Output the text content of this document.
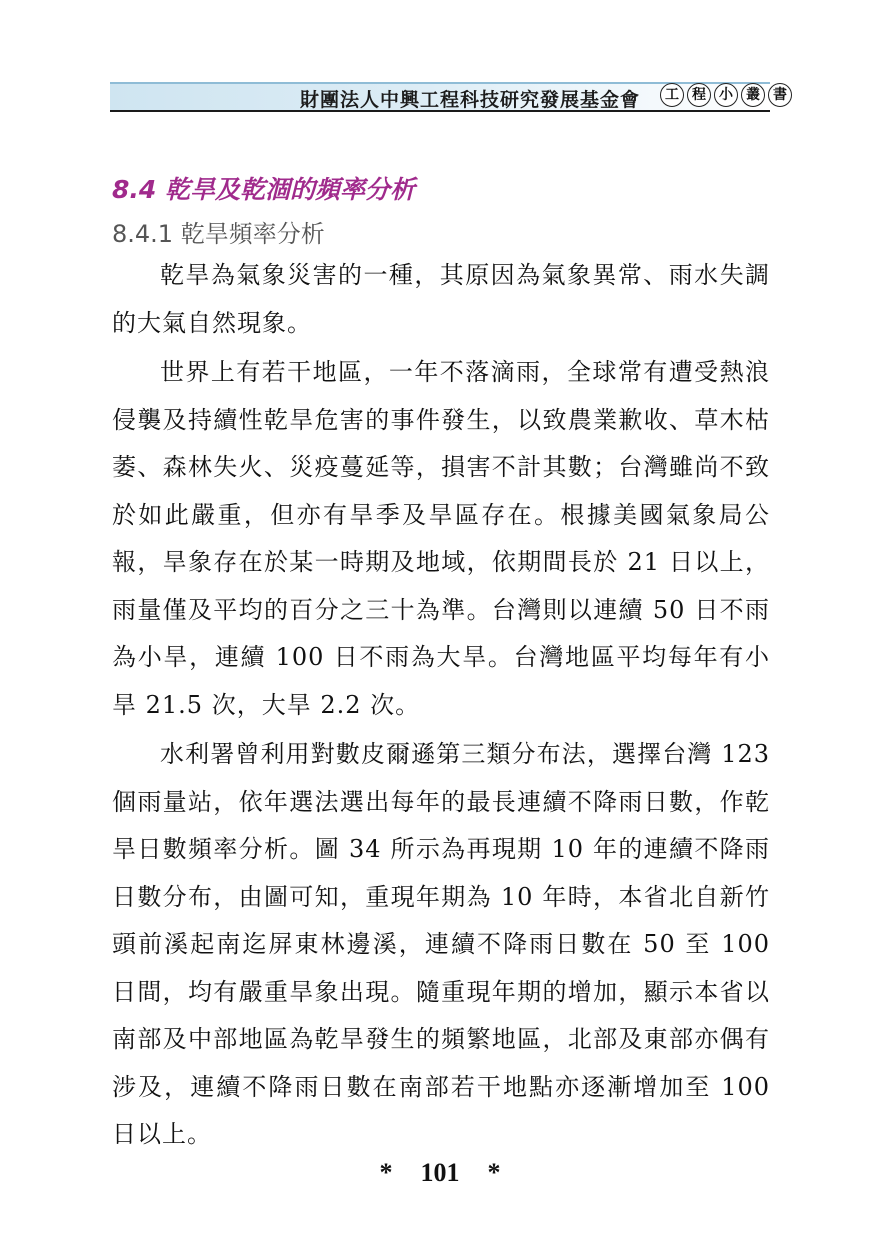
財團法人中興工程科技研究發展基金會	工 程 小 叢 書
8.4 乾旱及乾涸的頻率分析
8.4.1 乾旱頻率分析

乾旱為氣象災害的一種，其原因為氣象異常、雨水失調的大氣自然現象。

世界上有若干地區，一年不落滴雨，全球常有遭受熱浪侵襲及持續性乾旱危害的事件發生，以致農業歉收、草木枯萎、森林失火、災疫蔓延等，損害不計其數；台灣雖尚不致於如此嚴重，但亦有旱季及旱區存在。根據美國氣象局公報，旱象存在於某一時期及地域，依期間長於 21 日以上，雨量僅及平均的百分之三十為準。台灣則以連續 50 日不雨為小旱，連續 100 日不雨為大旱。台灣地區平均每年有小旱 21.5 次，大旱 2.2 次。

水利署曾利用對數皮爾遜第三類分布法，選擇台灣 123 個雨量站，依年選法選出每年的最長連續不降雨日數，作乾旱日數頻率分析。圖 34 所示為再現期 10 年的連續不降雨日數分布，由圖可知，重現年期為 10 年時，本省北自新竹頭前溪起南迄屏東林邊溪，連續不降雨日數在 50 至 100 日間，均有嚴重旱象出現。隨重現年期的增加，顯示本省以南部及中部地區為乾旱發生的頻繁地區，北部及東部亦偶有涉及，連續不降雨日數在南部若干地點亦逐漸增加至 100 日以上。

* 101 *
